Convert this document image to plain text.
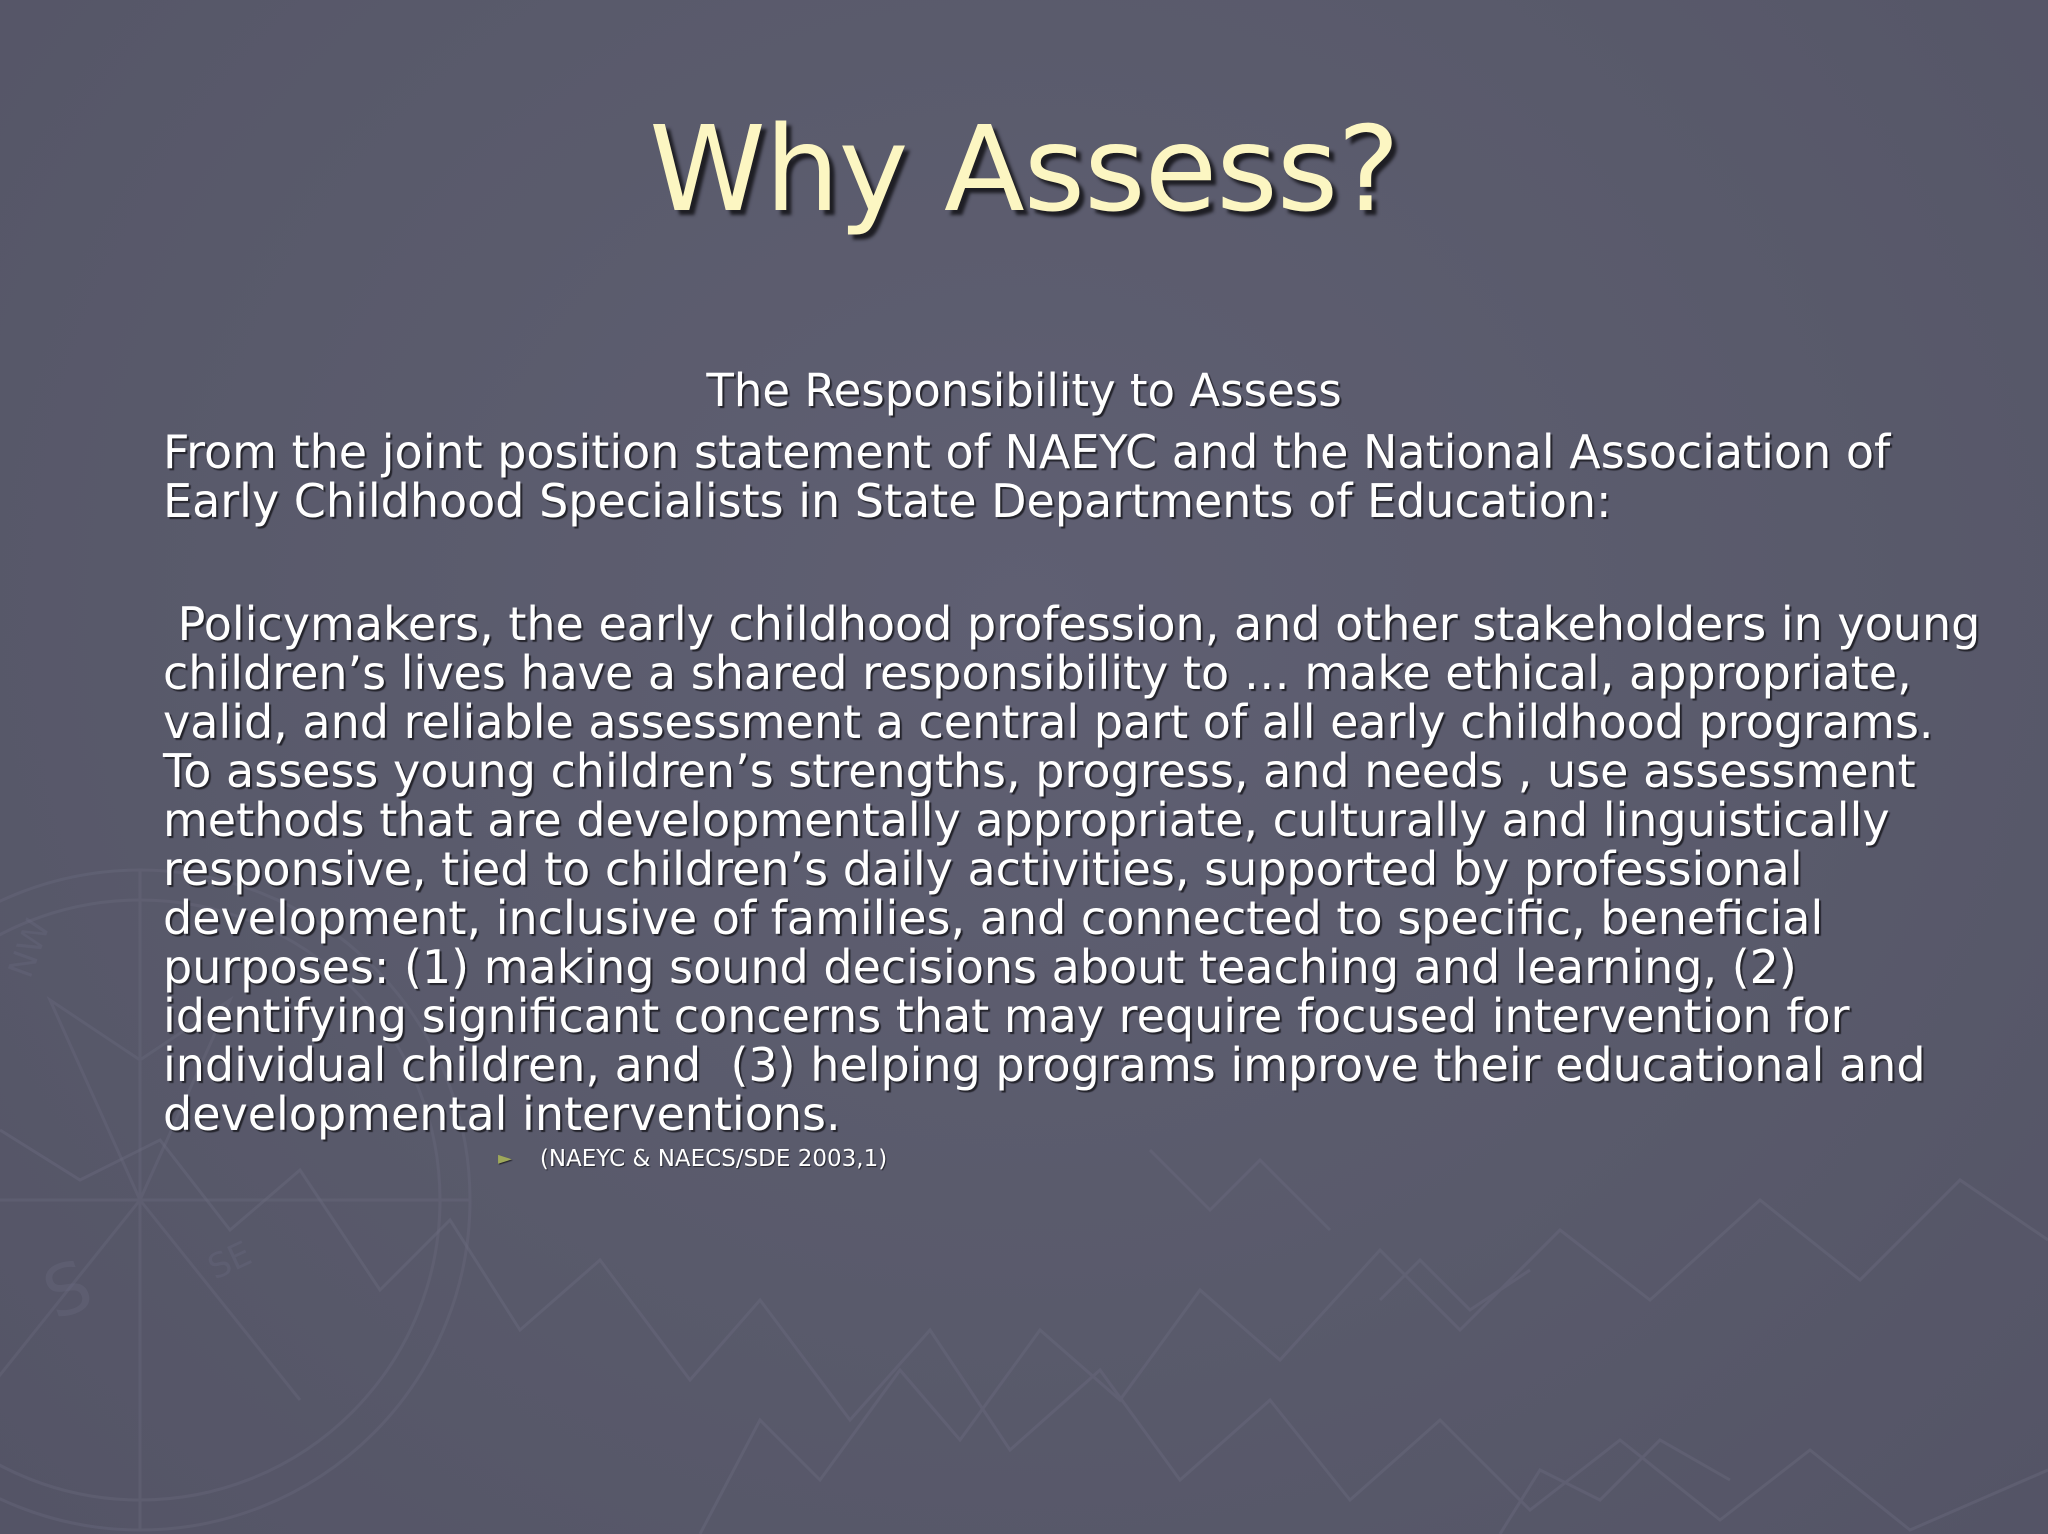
S	SE
NW
Why Assess?
The Responsibility to Assess
From the joint position statement of NAEYC and the National Association of
Early Childhood Specialists in State Departments of Education:
Policymakers, the early childhood profession, and other stakeholders in young
children’s lives have a shared responsibility to … make ethical, appropriate,
valid, and reliable assessment a central part of all early childhood programs.
To assess young children’s strengths, progress, and needs , use assessment
methods that are developmentally appropriate, culturally and linguistically
responsive, tied to children’s daily activities, supported by professional
development, inclusive of families, and connected to specific, beneficial
purposes: (1) making sound decisions about teaching and learning, (2)
identifying significant concerns that may require focused intervention for
individual children, and  (3) helping programs improve their educational and
developmental interventions.
► (NAEYC & NAECS/SDE 2003,1)
